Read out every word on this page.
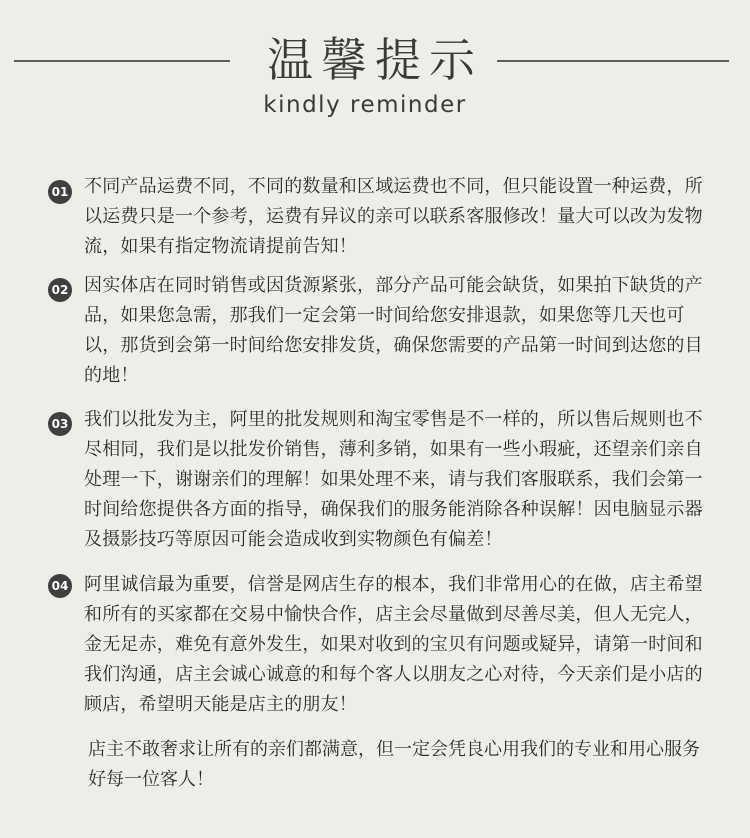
温馨提示
kindly reminder
01 不同产品运费不同，不同的数量和区域运费也不同，但只能设置一种运费，所以运费只是一个参考，运费有异议的亲可以联系客服修改！量大可以改为发物流，如果有指定物流请提前告知！
02 因实体店在同时销售或因货源紧张，部分产品可能会缺货，如果拍下缺货的产品，如果您急需，那我们一定会第一时间给您安排退款，如果您等几天也可以，那货到会第一时间给您安排发货，确保您需要的产品第一时间到达您的目的地！
03 我们以批发为主，阿里的批发规则和淘宝零售是不一样的，所以售后规则也不尽相同，我们是以批发价销售，薄利多销，如果有一些小瑕疵，还望亲们亲自处理一下，谢谢亲们的理解！如果处理不来，请与我们客服联系，我们会第一时间给您提供各方面的指导，确保我们的服务能消除各种误解！因电脑显示器及摄影技巧等原因可能会造成收到实物颜色有偏差！
04 阿里诚信最为重要，信誉是网店生存的根本，我们非常用心的在做，店主希望和所有的买家都在交易中愉快合作，店主会尽量做到尽善尽美，但人无完人，金无足赤，难免有意外发生，如果对收到的宝贝有问题或疑异，请第一时间和我们沟通，店主会诚心诚意的和每个客人以朋友之心对待，今天亲们是小店的顾店，希望明天能是店主的朋友！
店主不敢奢求让所有的亲们都满意，但一定会凭良心用我们的专业和用心服务好每一位客人！
